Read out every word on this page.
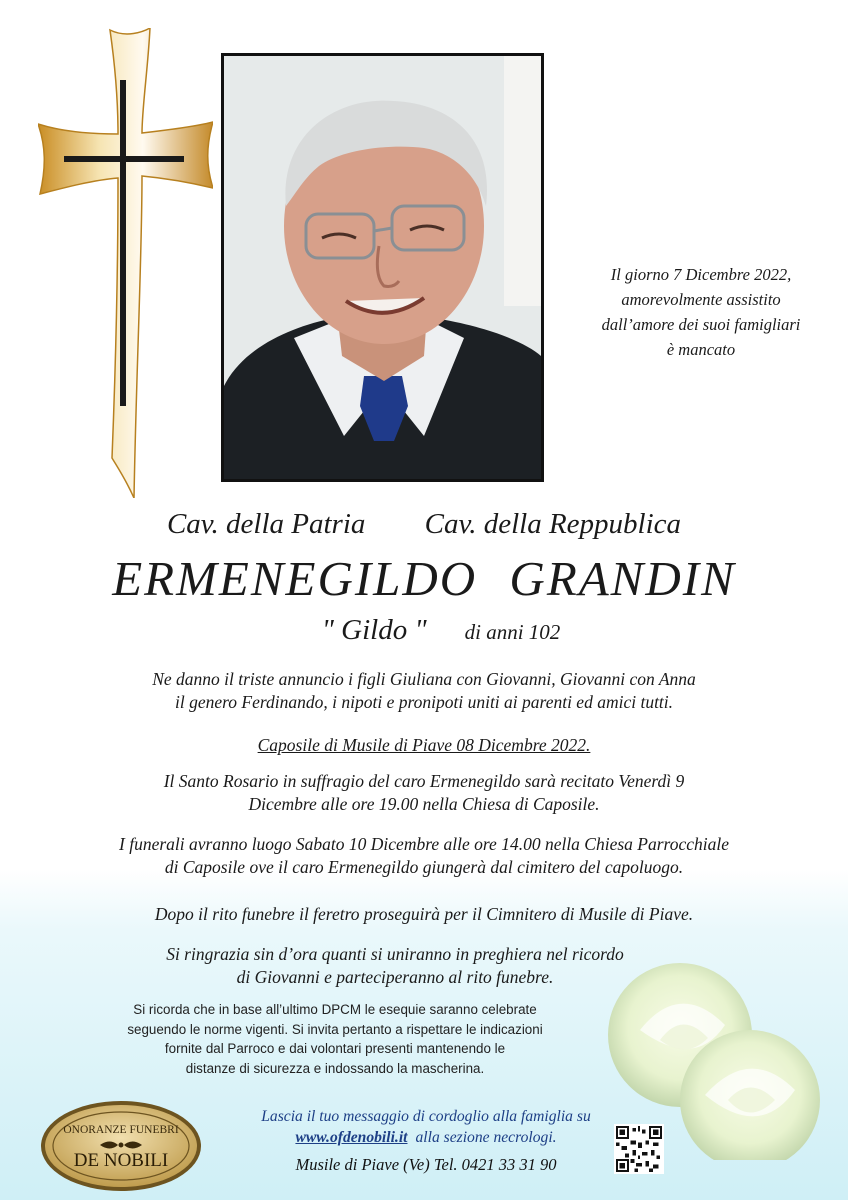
Il giorno 7 Dicembre 2022,
amorevolmente assistito
dall’amore dei suoi famigliari
è mancato
Cav. della Patria Cav. della Reppublica
ERMENEGILDO GRANDIN
" Gildo " di anni 102
Ne danno il triste annuncio i figli Giuliana con Giovanni, Giovanni con Anna
il genero Ferdinando, i nipoti e pronipoti uniti ai parenti ed amici tutti.
Caposile di Musile di Piave 08 Dicembre 2022.
Il Santo Rosario in suffragio del caro Ermenegildo sarà recitato Venerdì 9
Dicembre alle ore 19.00 nella Chiesa di Caposile.
I funerali avranno luogo Sabato 10 Dicembre alle ore 14.00 nella Chiesa Parrocchiale
di Caposile ove il caro Ermenegildo giungerà dal cimitero del capoluogo.
Dopo il rito funebre il feretro proseguirà per il Cimnitero di Musile di Piave.
Si ringrazia sin d’ora quanti si uniranno in preghiera nel ricordo
di Giovanni e parteciperanno al rito funebre.
Si ricorda che in base all’ultimo DPCM le esequie saranno celebrate
seguendo le norme vigenti. Si invita pertanto a rispettare le indicazioni
fornite dal Parroco e dai volontari presenti mantenendo le
distanze di sicurezza e indossando la mascherina.
ONORANZE FUNEBRI
DE NOBILI
Lascia il tuo messaggio di cordoglio alla famiglia su
www.ofdenobili.it alla sezione necrologi.
Musile di Piave (Ve) Tel. 0421 33 31 90
